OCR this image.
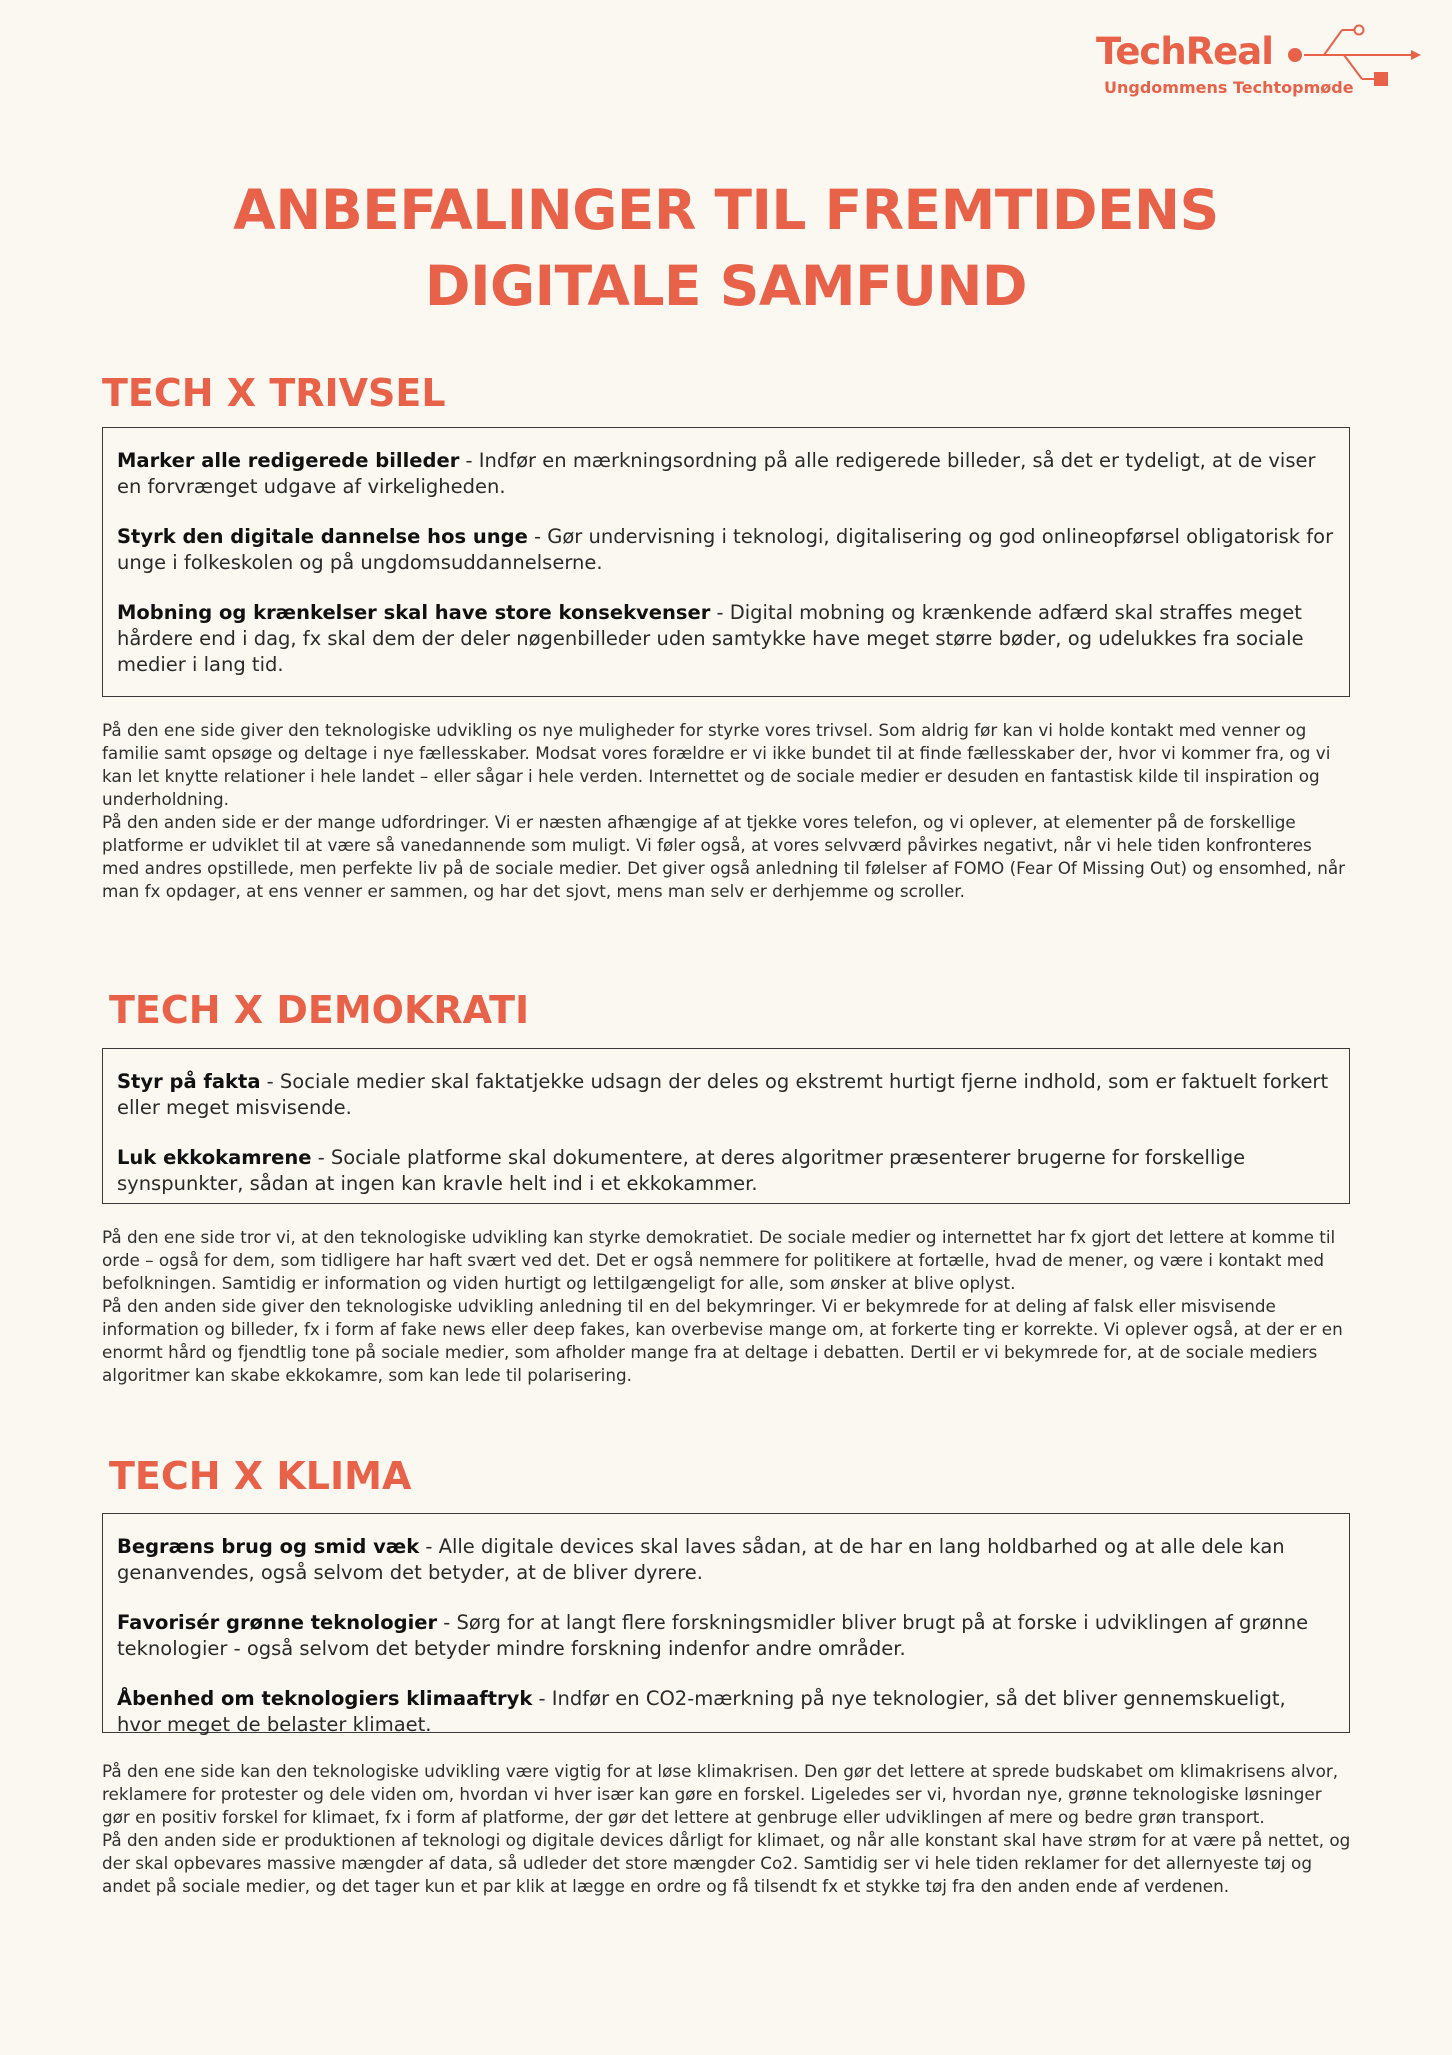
TechReal
Ungdommens Techtopmøde
ANBEFALINGER TIL FREMTIDENS
DIGITALE SAMFUND
TECH X TRIVSEL

Marker alle redigerede billeder - Indfør en mærkningsordning på alle redigerede billeder, så det er tydeligt, at de viser en forvrænget udgave af virkeligheden.

Styrk den digitale dannelse hos unge - Gør undervisning i teknologi, digitalisering og god onlineopførsel obligatorisk for unge i folkeskolen og på ungdomsuddannelserne.

Mobning og krænkelser skal have store konsekvenser - Digital mobning og krænkende adfærd skal straffes meget hårdere end i dag, fx skal dem der deler nøgenbilleder uden samtykke have meget større bøder, og udelukkes fra sociale medier i lang tid.

På den ene side giver den teknologiske udvikling os nye muligheder for styrke vores trivsel. Som aldrig før kan vi holde kontakt med venner og familie samt opsøge og deltage i nye fællesskaber. Modsat vores forældre er vi ikke bundet til at finde fællesskaber der, hvor vi kommer fra, og vi kan let knytte relationer i hele landet – eller sågar i hele verden. Internettet og de sociale medier er desuden en fantastisk kilde til inspiration og underholdning.

På den anden side er der mange udfordringer. Vi er næsten afhængige af at tjekke vores telefon, og vi oplever, at elementer på de forskellige platforme er udviklet til at være så vanedannende som muligt. Vi føler også, at vores selvværd påvirkes negativt, når vi hele tiden konfronteres med andres opstillede, men perfekte liv på de sociale medier. Det giver også anledning til følelser af FOMO (Fear Of Missing Out) og ensomhed, når man fx opdager, at ens venner er sammen, og har det sjovt, mens man selv er derhjemme og scroller.

TECH X DEMOKRATI

Styr på fakta - Sociale medier skal faktatjekke udsagn der deles og ekstremt hurtigt fjerne indhold, som er faktuelt forkert eller meget misvisende.

Luk ekkokamrene - Sociale platforme skal dokumentere, at deres algoritmer præsenterer brugerne for forskellige synspunkter, sådan at ingen kan kravle helt ind i et ekkokammer.

På den ene side tror vi, at den teknologiske udvikling kan styrke demokratiet. De sociale medier og internettet har fx gjort det lettere at komme til orde – også for dem, som tidligere har haft svært ved det. Det er også nemmere for politikere at fortælle, hvad de mener, og være i kontakt med befolkningen. Samtidig er information og viden hurtigt og lettilgængeligt for alle, som ønsker at blive oplyst.

På den anden side giver den teknologiske udvikling anledning til en del bekymringer. Vi er bekymrede for at deling af falsk eller misvisende information og billeder, fx i form af fake news eller deep fakes, kan overbevise mange om, at forkerte ting er korrekte. Vi oplever også, at der er en enormt hård og fjendtlig tone på sociale medier, som afholder mange fra at deltage i debatten. Dertil er vi bekymrede for, at de sociale mediers algoritmer kan skabe ekkokamre, som kan lede til polarisering.

TECH X KLIMA

Begræns brug og smid væk - Alle digitale devices skal laves sådan, at de har en lang holdbarhed og at alle dele kan genanvendes, også selvom det betyder, at de bliver dyrere.

Favorisér grønne teknologier - Sørg for at langt flere forskningsmidler bliver brugt på at forske i udviklingen af grønne teknologier - også selvom det betyder mindre forskning indenfor andre områder.

Åbenhed om teknologiers klimaaftryk - Indfør en CO2-mærkning på nye teknologier, så det bliver gennemskueligt, hvor meget de belaster klimaet.

På den ene side kan den teknologiske udvikling være vigtig for at løse klimakrisen. Den gør det lettere at sprede budskabet om klimakrisens alvor, reklamere for protester og dele viden om, hvordan vi hver især kan gøre en forskel. Ligeledes ser vi, hvordan nye, grønne teknologiske løsninger gør en positiv forskel for klimaet, fx i form af platforme, der gør det lettere at genbruge eller udviklingen af mere og bedre grøn transport.

På den anden side er produktionen af teknologi og digitale devices dårligt for klimaet, og når alle konstant skal have strøm for at være på nettet, og der skal opbevares massive mængder af data, så udleder det store mængder Co2. Samtidig ser vi hele tiden reklamer for det allernyeste tøj og andet på sociale medier, og det tager kun et par klik at lægge en ordre og få tilsendt fx et stykke tøj fra den anden ende af verdenen.
